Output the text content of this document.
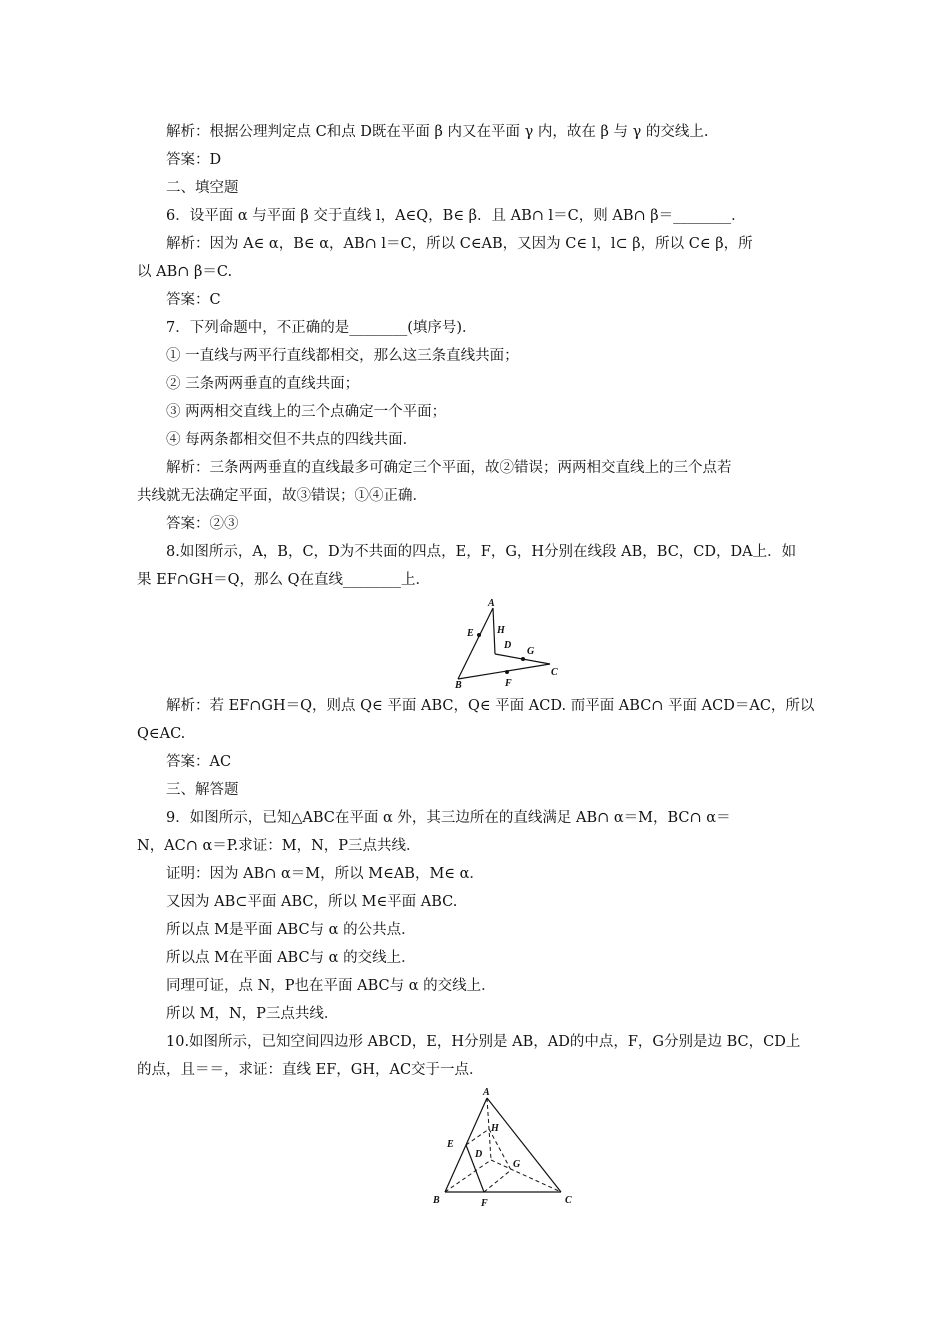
解析：根据公理判定点 C和点 D既在平面 β 内又在平面 γ 内，故在 β 与 γ 的交线上.
答案：D
二、填空题
6．设平面 α 与平面 β 交于直线 l，A∈Q，B∈ β．且 AB∩ l＝C，则 AB∩ β＝________．
解析：因为 A∈ α，B∈ α，AB∩ l＝C，所以 C∈AB，又因为 C∈ l，l⊂ β，所以 C∈ β，所
以 AB∩ β＝C.
答案：C
7．下列命题中，不正确的是________(填序号)．
① 一直线与两平行直线都相交，那么这三条直线共面；
② 三条两两垂直的直线共面；
③ 两两相交直线上的三个点确定一个平面；
④ 每两条都相交但不共点的四线共面．
解析：三条两两垂直的直线最多可确定三个平面，故②错误；两两相交直线上的三个点若
共线就无法确定平面，故③错误；①④正确．
答案：②③
8.如图所示，A，B，C，D为不共面的四点，E，F，G，H分别在线段 AB，BC，CD，DA上．如
果 EF∩GH＝Q，那么 Q在直线________上．
解析：若 EF∩GH＝Q，则点 Q∈ 平面 ABC，Q∈ 平面 ACD. 而平面 ABC∩ 平面 ACD＝AC，所以
Q∈AC.
答案：AC
三、解答题
9．如图所示，已知△ABC在平面 α 外，其三边所在的直线满足 AB∩ α＝M，BC∩ α＝
N，AC∩ α＝P.求证：M，N，P三点共线．
证明：因为 AB∩ α＝M，所以 M∈AB，M∈ α．
又因为 AB⊂平面 ABC，所以 M∈平面 ABC.
所以点 M是平面 ABC与 α 的公共点．
所以点 M在平面 ABC与 α 的交线上．
同理可证，点 N，P也在平面 ABC与 α 的交线上．
所以 M，N，P三点共线．
10.如图所示，已知空间四边形 ABCD，E，H分别是 AB，AD的中点，F，G分别是边 BC，CD上
的点，且＝＝，求证：直线 EF，GH，AC交于一点．
A
H
E
D
G
C
B	F
A
H
E
D
G
B	F	C
